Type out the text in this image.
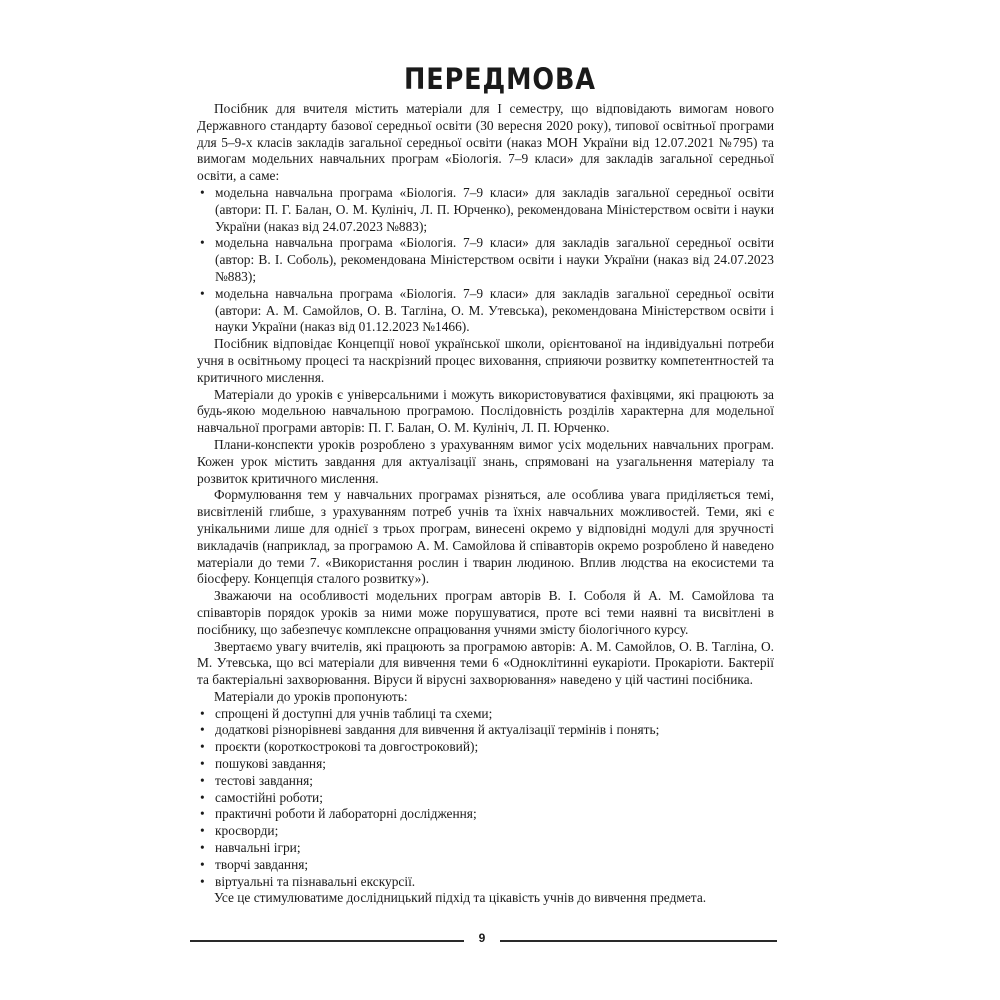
ПЕРЕДМОВА

Посібник для вчителя містить матеріали для І семестру, що відповідають вимогам нового Державного стандарту базової середньої освіти (30 вересня 2020 року), типової освітньої програми для 5–9-х класів закладів загальної середньої освіти (наказ МОН України від 12.07.2021 №795) та вимогам модельних навчальних програм «Біологія. 7–9 класи» для закладів загальної середньої освіти, а саме:

• модельна навчальна програма «Біологія. 7–9 класи» для закладів загальної середньої освіти (автори: П. Г. Балан, О. М. Кулініч, Л. П. Юрченко), рекомендована Міністерством освіти і науки України (наказ від 24.07.2023 №883);
• модельна навчальна програма «Біологія. 7–9 класи» для закладів загальної середньої освіти (автор: В. І. Соболь), рекомендована Міністерством освіти і науки України (наказ від 24.07.2023 №883);
• модельна навчальна програма «Біологія. 7–9 класи» для закладів загальної середньої освіти (автори: А. М. Самойлов, О. В. Тагліна, О. М. Утевська), рекомендована Міністерством освіти і науки України (наказ від 01.12.2023 №1466).

Посібник відповідає Концепції нової української школи, орієнтованої на індивідуальні потреби учня в освітньому процесі та наскрізний процес виховання, сприяючи розвитку компетентностей та критичного мислення.

Матеріали до уроків є універсальними і можуть використовуватися фахівцями, які працюють за будь-якою модельною навчальною програмою. Послідовність розділів характерна для модельної навчальної програми авторів: П. Г. Балан, О. М. Кулініч, Л. П. Юрченко.

Плани-конспекти уроків розроблено з урахуванням вимог усіх модельних навчальних програм. Кожен урок містить завдання для актуалізації знань, спрямовані на узагальнення матеріалу та розвиток критичного мислення.

Формулювання тем у навчальних програмах різняться, але особлива увага приділяється темі, висвітленій глибше, з урахуванням потреб учнів та їхніх навчальних можливостей. Теми, які є унікальними лише для однієї з трьох програм, винесені окремо у відповідні модулі для зручності викладачів (наприклад, за програмою А. М. Самойлова й співавторів окремо розроблено й наведено матеріали до теми 7. «Використання рослин і тварин людиною. Вплив людства на екосистеми та біосферу. Концепція сталого розвитку»).

Зважаючи на особливості модельних програм авторів В. І. Соболя й А. М. Самойлова та співавторів порядок уроків за ними може порушуватися, проте всі теми наявні та висвітлені в посібнику, що забезпечує комплексне опрацювання учнями змісту біологічного курсу.

Звертаємо увагу вчителів, які працюють за програмою авторів: А. М. Самойлов, О. В. Тагліна, О. М. Утевська, що всі матеріали для вивчення теми 6 «Одноклітинні еукаріоти. Прокаріоти. Бактерії та бактеріальні захворювання. Віруси й вірусні захворювання» наведено у цій частині посібника.

Матеріали до уроків пропонують:

• спрощені й доступні для учнів таблиці та схеми;
• додаткові різнорівневі завдання для вивчення й актуалізації термінів і понять;
• проєкти (короткострокові та довгостроковий);
• пошукові завдання;
• тестові завдання;
• самостійні роботи;
• практичні роботи й лабораторні дослідження;
• кросворди;
• навчальні ігри;
• творчі завдання;
• віртуальні та пізнавальні екскурсії.

Усе це стимулюватиме дослідницький підхід та цікавість учнів до вивчення предмета.

9
